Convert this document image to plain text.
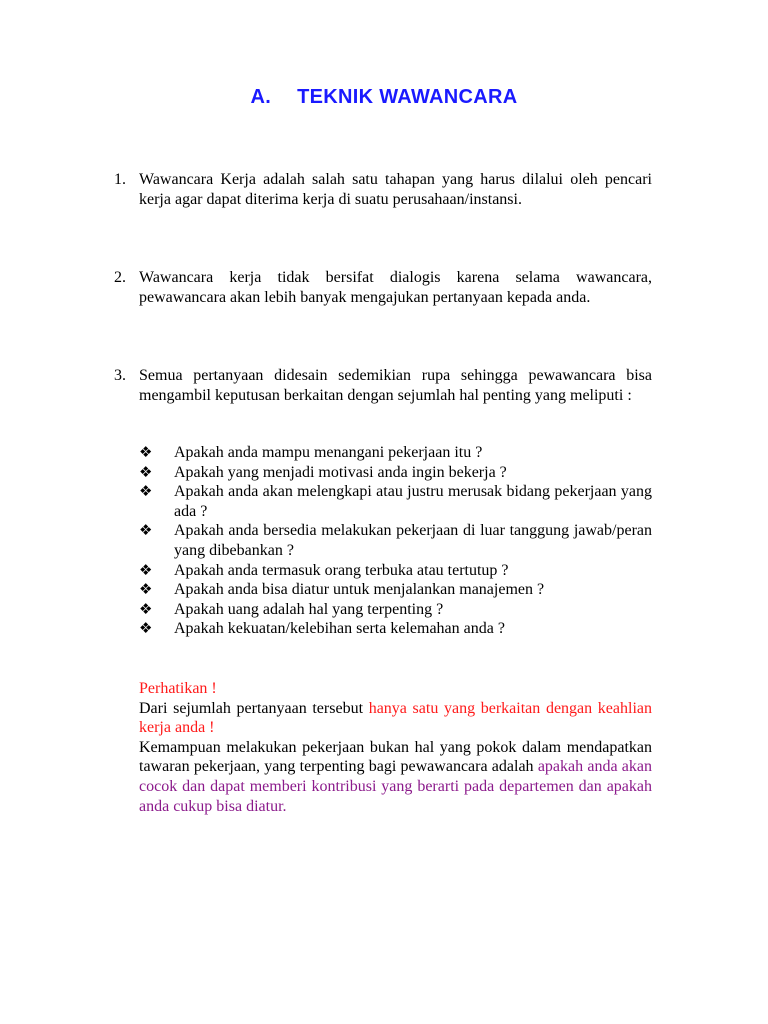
A. TEKNIK WAWANCARA
1. Wawancara Kerja adalah salah satu tahapan yang harus dilalui oleh pencari kerja agar dapat diterima kerja di suatu perusahaan/instansi.
2. Wawancara kerja tidak bersifat dialogis karena selama wawancara, pewawancara akan lebih banyak mengajukan pertanyaan kepada anda.
3. Semua pertanyaan didesain sedemikian rupa sehingga pewawancara bisa mengambil keputusan berkaitan dengan sejumlah hal penting yang meliputi :
❖ Apakah anda mampu menangani pekerjaan itu ?
❖ Apakah yang menjadi motivasi anda ingin bekerja ?
❖ Apakah anda akan melengkapi atau justru merusak bidang pekerjaan yang ada ?
❖ Apakah anda bersedia melakukan pekerjaan di luar tanggung jawab/peran yang dibebankan ?
❖ Apakah anda termasuk orang terbuka atau tertutup ?
❖ Apakah anda bisa diatur untuk menjalankan manajemen ?
❖ Apakah uang adalah hal yang terpenting ?
❖ Apakah kekuatan/kelebihan serta kelemahan anda ?

Perhatikan !

Dari sejumlah pertanyaan tersebut hanya satu yang berkaitan dengan keahlian kerja anda !

Kemampuan melakukan pekerjaan bukan hal yang pokok dalam mendapatkan tawaran pekerjaan, yang terpenting bagi pewawancara adalah apakah anda akan cocok dan dapat memberi kontribusi yang berarti pada departemen dan apakah anda cukup bisa diatur.
